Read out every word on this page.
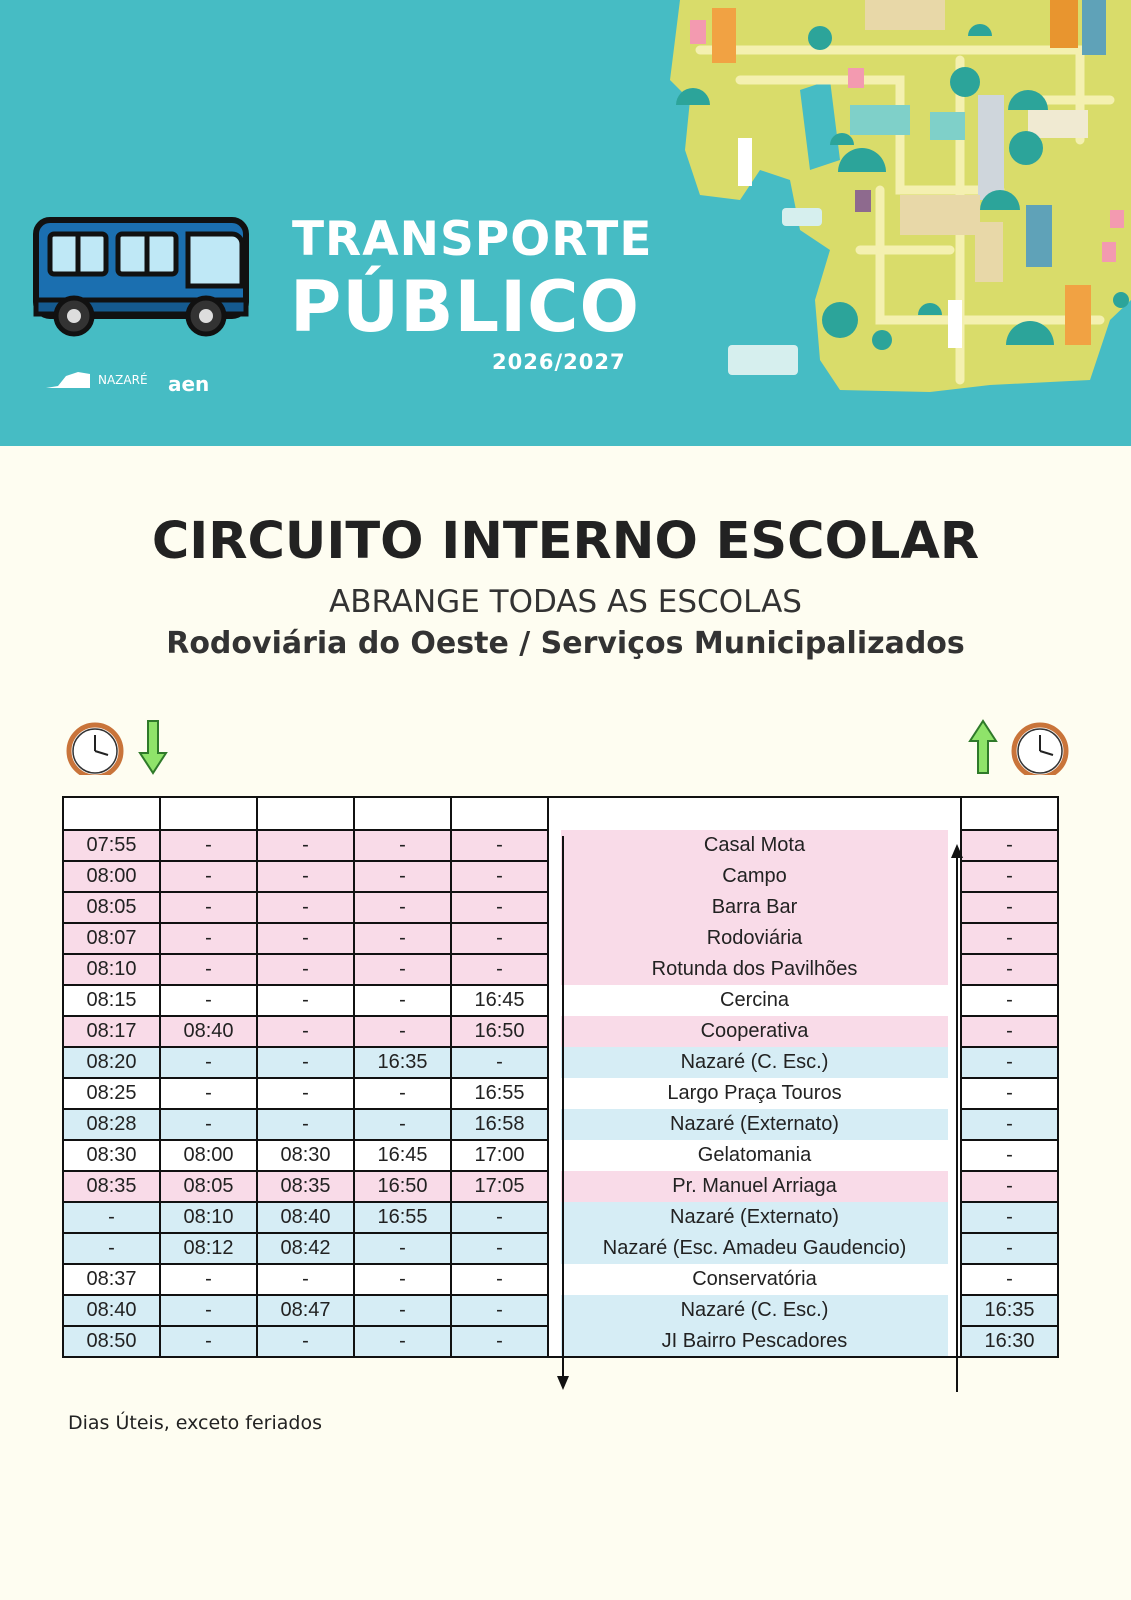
TRANSPORTE
PÚBLICO
2026/2027
NAZARÉ aen
CIRCUITO INTERNO ESCOLAR
ABRANGE TODAS AS ESCOLAS
Rodoviária do Oeste / Serviços Municipalizados

07:55	-	-	-	-	Casal Mota	-
08:00	-	-	-	-	Campo	-
08:05	-	-	-	-	Barra Bar	-
08:07	-	-	-	-	Rodoviária	-
08:10	-	-	-	-	Rotunda dos Pavilhões	-
08:15	-	-	-	16:45	Cercina	-
08:17	08:40	-	-	16:50	Cooperativa	-
08:20	-	-	16:35	-	Nazaré (C. Esc.)	-
08:25	-	-	-	16:55	Largo Praça Touros	-
08:28	-	-	-	16:58	Nazaré (Externato)	-
08:30	08:00	08:30	16:45	17:00	Gelatomania	-
08:35	08:05	08:35	16:50	17:05	Pr. Manuel Arriaga	-
-	08:10	08:40	16:55	-	Nazaré (Externato)	-
-	08:12	08:42	-	-	Nazaré (Esc. Amadeu Gaudencio)	-
08:37	-	-	-	-	Conservatória	-
08:40	-	08:47	-	-	Nazaré (C. Esc.)	16:35
08:50	-	-	-	-	JI Bairro Pescadores	16:30
Dias Úteis, exceto feriados
